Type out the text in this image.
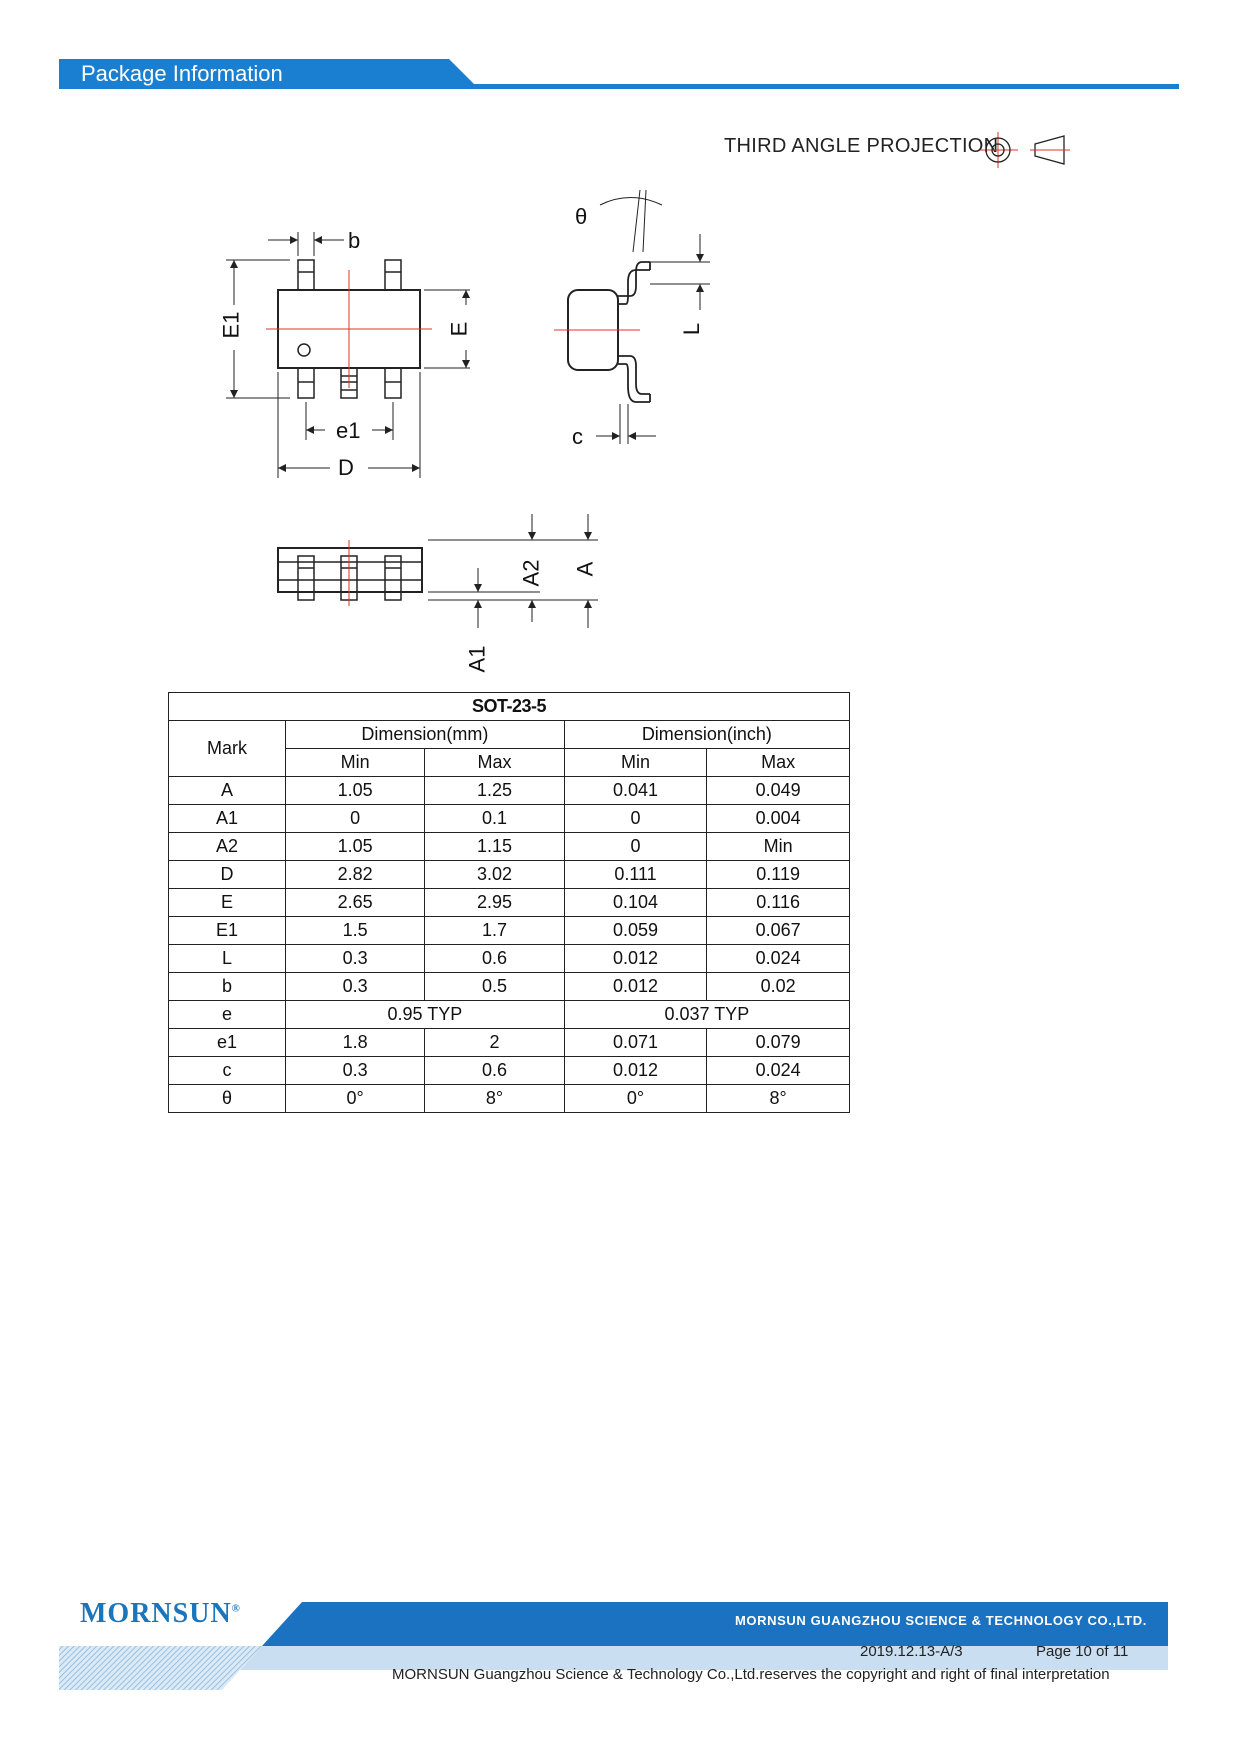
Package Information
THIRD ANGLE PROJECTION
b
E1	E
e1
D
θ
L
c
A2 A
A1
SOT-23-5				
Mark	Dimension(mm)		Dimension(inch)	
	Min	Max	Min	Max
A	1.05	1.25	0.041	0.049
A1	0	0.1	0	0.004
A2	1.05	1.15	0	Min
D	2.82	3.02	0.111	0.119
E	2.65	2.95	0.104	0.116
E1	1.5	1.7	0.059	0.067
L	0.3	0.6	0.012	0.024
b	0.3	0.5	0.012	0.02
e	0.95 TYP		0.037 TYP	
e1	1.8	2	0.071	0.079
c	0.3	0.6	0.012	0.024
θ	0°	8°	0°	8°
MORNSUN®
MORNSUN GUANGZHOU SCIENCE & TECHNOLOGY CO.,LTD.
2019.12.13-A/3	Page 10 of 11
MORNSUN Guangzhou Science & Technology Co.,Ltd.reserves the copyright and right of final interpretation
